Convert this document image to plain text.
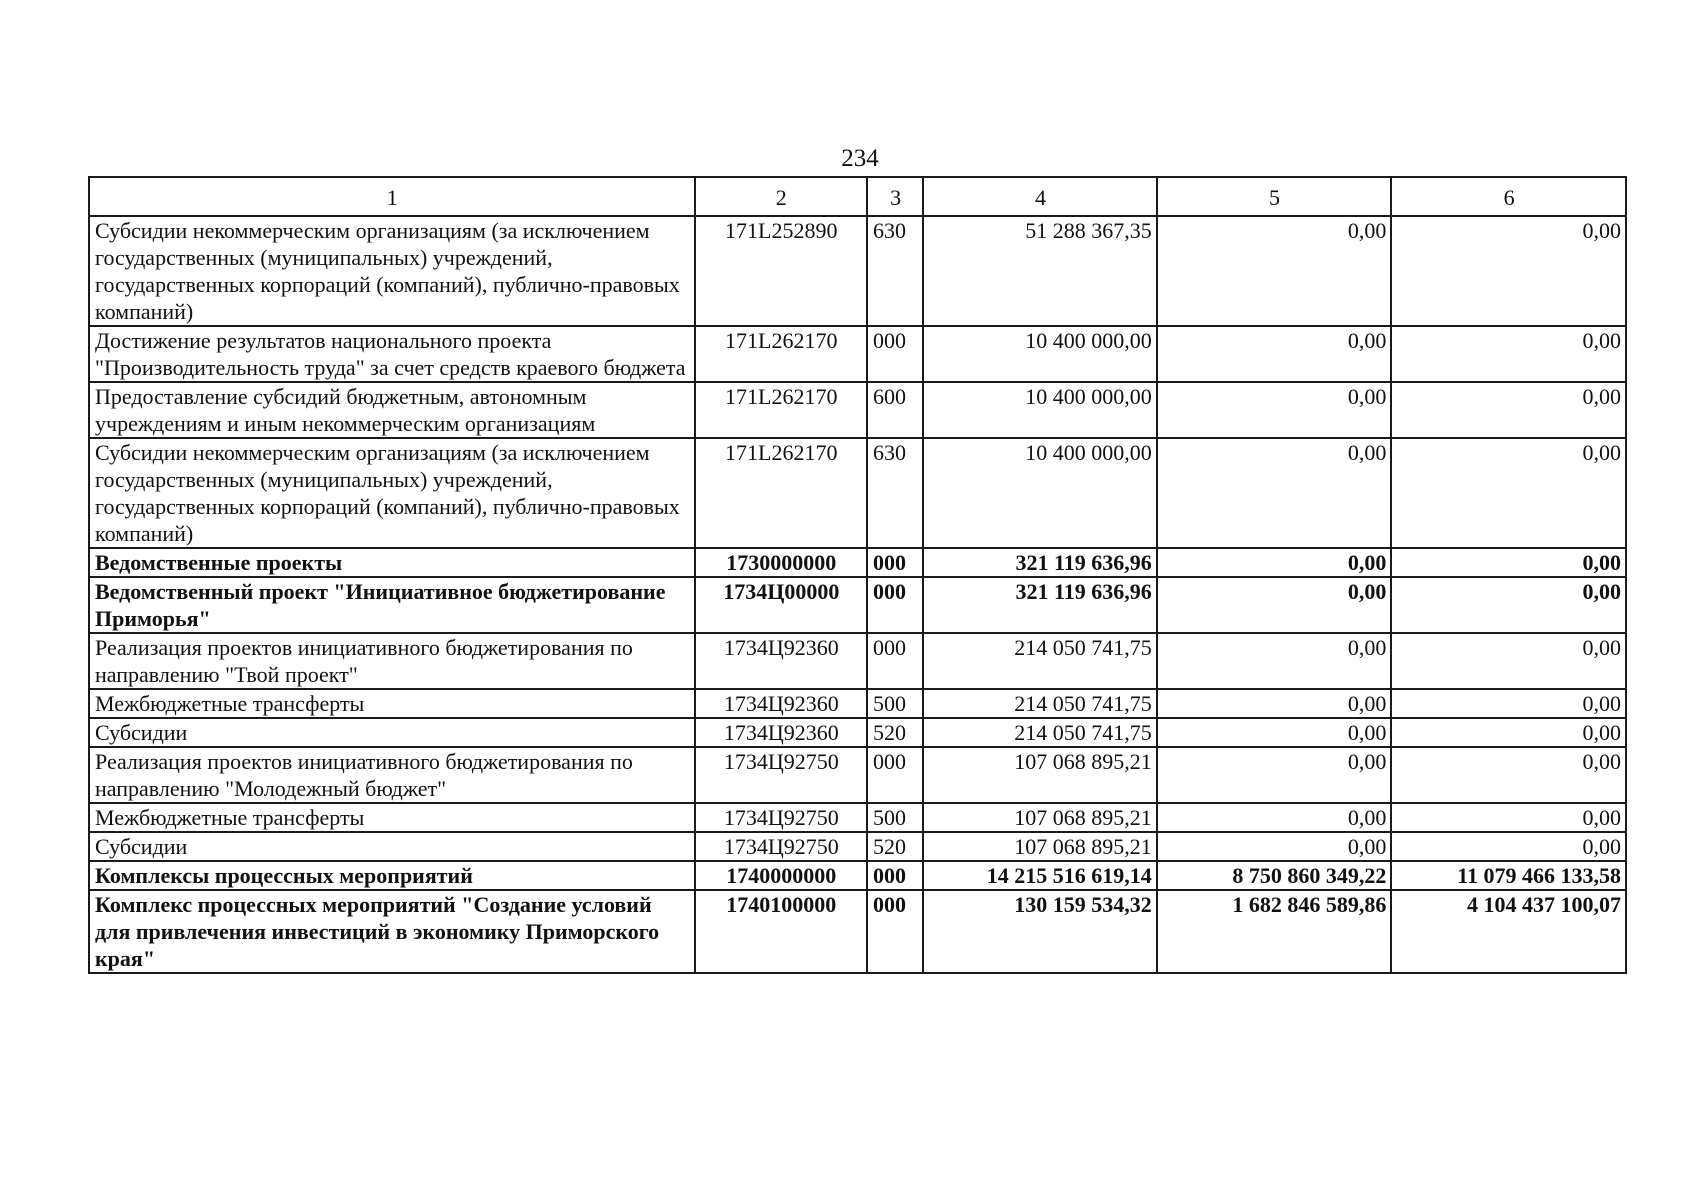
234
1	2	3	4	5	6
Субсидии некоммерческим организациям (за исключением государственных (муниципальных) учреждений, государственных корпораций (компаний), публично-правовых компаний)	171L252890	630	51 288 367,35	0,00	0,00
Достижение результатов национального проекта "Производительность труда" за счет средств краевого бюджета	171L262170	000	10 400 000,00	0,00	0,00
Предоставление субсидий бюджетным, автономным учреждениям и иным некоммерческим организациям	171L262170	600	10 400 000,00	0,00	0,00
Субсидии некоммерческим организациям (за исключением государственных (муниципальных) учреждений, государственных корпораций (компаний), публично-правовых компаний)	171L262170	630	10 400 000,00	0,00	0,00
Ведомственные проекты	1730000000	000	321 119 636,96	0,00	0,00
Ведомственный проект "Инициативное бюджетирование Приморья"	1734Ц00000	000	321 119 636,96	0,00	0,00
Реализация проектов инициативного бюджетирования по направлению "Твой проект"	1734Ц92360	000	214 050 741,75	0,00	0,00
Межбюджетные трансферты	1734Ц92360	500	214 050 741,75	0,00	0,00
Субсидии	1734Ц92360	520	214 050 741,75	0,00	0,00
Реализация проектов инициативного бюджетирования по направлению "Молодежный бюджет"	1734Ц92750	000	107 068 895,21	0,00	0,00
Межбюджетные трансферты	1734Ц92750	500	107 068 895,21	0,00	0,00
Субсидии	1734Ц92750	520	107 068 895,21	0,00	0,00
Комплексы процессных мероприятий	1740000000	000	14 215 516 619,14	8 750 860 349,22	11 079 466 133,58
Комплекс процессных мероприятий "Создание условий для привлечения инвестиций в экономику Приморского края"	1740100000	000	130 159 534,32	1 682 846 589,86	4 104 437 100,07
